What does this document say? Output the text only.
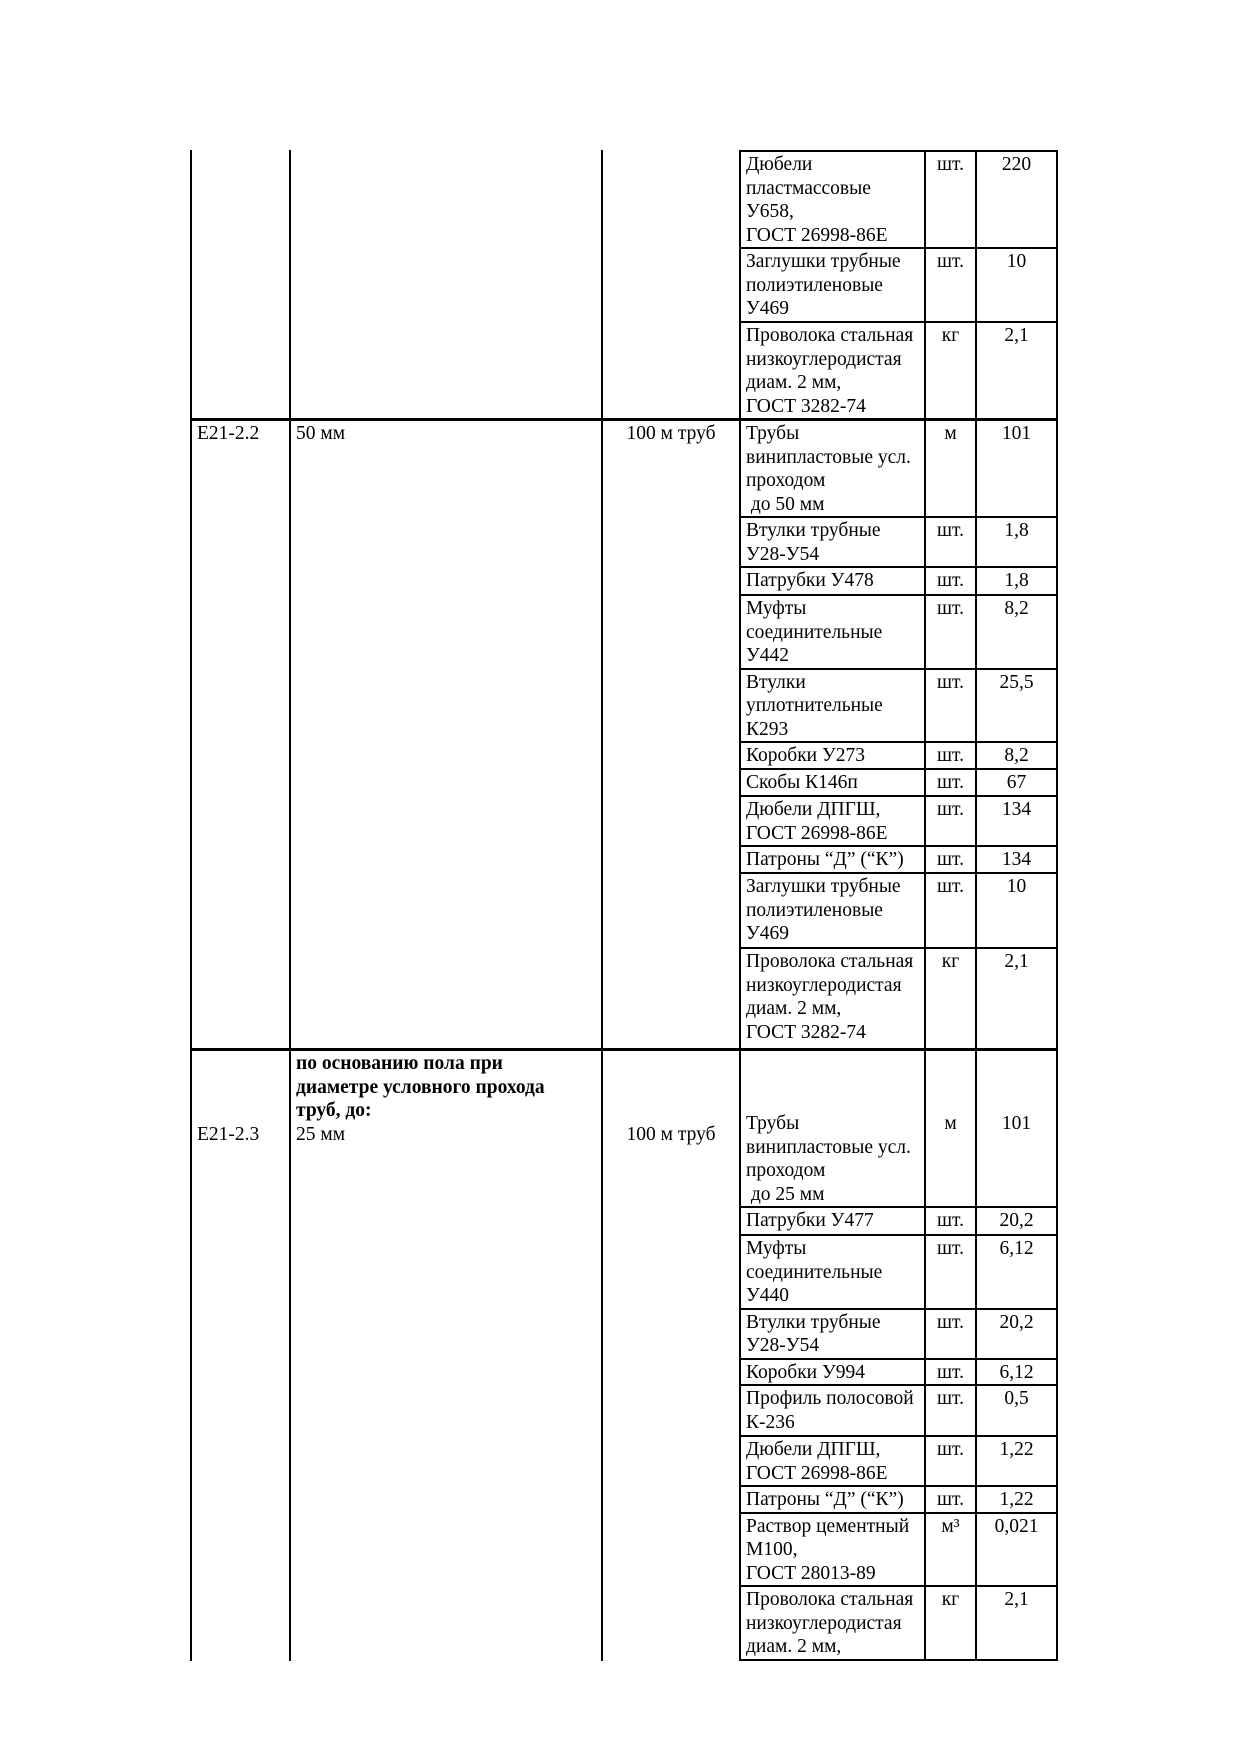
Дюбели
пластмассовые
У658,
ГОСТ 26998-86Е
шт.	220
Заглушки трубные
полиэтиленовые
У469
шт.	10
Проволока стальная
низкоуглеродистая
диам. 2 мм,
ГОСТ 3282-74
кг	2,1
Е21-2.2	50 мм	100 м труб	Трубы
винипластовые усл.
проходом
до 50 мм
м	101
Втулки трубные
У28-У54
шт.	1,8
Патрубки У478	шт.	1,8
Муфты
соединительные
У442
шт.	8,2
Втулки
уплотнительные
К293
шт.	25,5
Коробки У273	шт.	8,2
Скобы К146п	шт.	67
Дюбели ДПГШ,
ГОСТ 26998-86Е
шт.	134
Патроны “Д” (“К”)	шт.	134
Заглушки трубные
полиэтиленовые
У469
шт.	10
Проволока стальная
низкоуглеродистая
диам. 2 мм,
ГОСТ 3282-74
кг	2,1
Е21-2.3
по основанию пола при
диаметре условного прохода
труб, до:
25 мм	100 м труб
Трубы
винипластовые усл.
проходом
до 25 мм
м	101
Патрубки У477	шт.	20,2
Муфты
соединительные
У440
шт.	6,12
Втулки трубные
У28-У54
шт.	20,2
Коробки У994	шт.	6,12
Профиль полосовой
К-236
шт.	0,5
Дюбели ДПГШ,
ГОСТ 26998-86Е
шт.	1,22
Патроны “Д” (“К”)	шт.	1,22
Раствор цементный
М100,
ГОСТ 28013-89
м³	0,021
Проволока стальная
низкоуглеродистая
диам. 2 мм,
кг	2,1
